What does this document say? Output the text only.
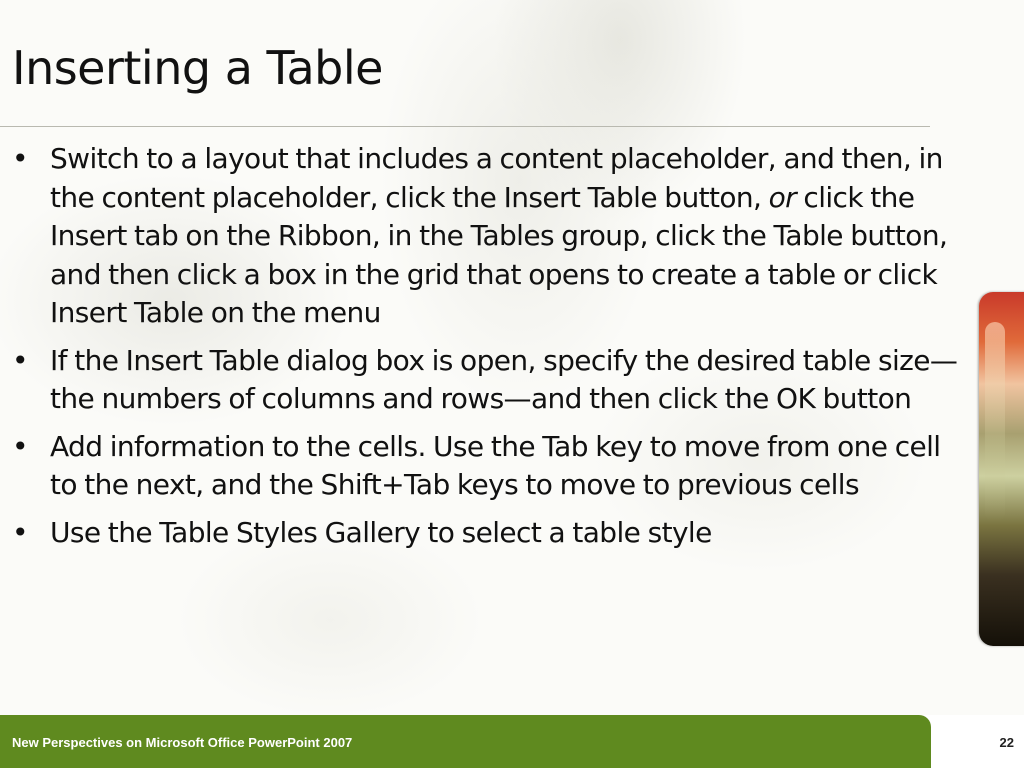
Inserting a Table
• Switch to a layout that includes a content placeholder, and then, in the content placeholder, click the Insert Table button, or click the Insert tab on the Ribbon, in the Tables group, click the Table button, and then click a box in the grid that opens to create a table or click Insert Table on the menu
• If the Insert Table dialog box is open, specify the desired table size—the numbers of columns and rows—and then click the OK button
• Add information to the cells. Use the Tab key to move from one cell to the next, and the Shift+Tab keys to move to previous cells
• Use the Table Styles Gallery to select a table style
New Perspectives on Microsoft Office PowerPoint 2007	22
